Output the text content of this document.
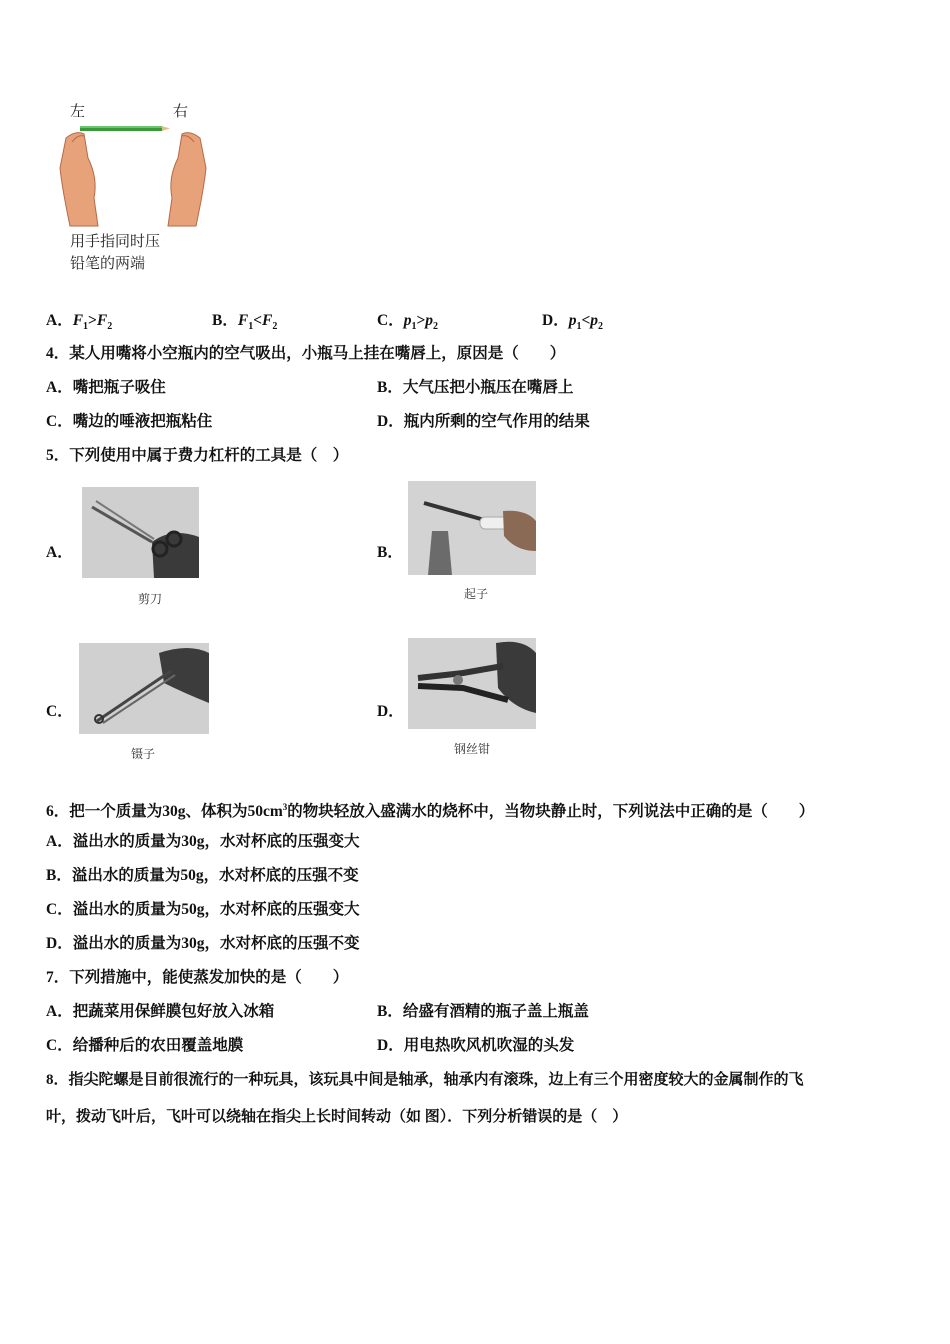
左	右
用手指同时压
铅笔的两端
A．$F_1>F_2$	B．$F_1<F_2$	C．$p_1>p_2$	D．$p_1<p_2$
4．某人用嘴将小空瓶内的空气吸出，小瓶马上挂在嘴唇上，原因是（　　）
A．嘴把瓶子吸住	B．大气压把小瓶压在嘴唇上
C．嘴边的唾液把瓶粘住	D．瓶内所剩的空气作用的结果
5．下列使用中属于费力杠杆的工具是（　）
A．
剪刀
B．
起子
C．
镊子
D．
钢丝钳
6．把一个质量为30g、体积为$50cm^3$的物块轻放入盛满水的烧杯中，当物块静止时，下列说法中正确的是（　　）
A．溢出水的质量为30g，水对杯底的压强变大
B．溢出水的质量为50g，水对杯底的压强不变
C．溢出水的质量为50g，水对杯底的压强变大
D．溢出水的质量为30g，水对杯底的压强不变
7．下列措施中，能使蒸发加快的是（　　）
A．把蔬菜用保鲜膜包好放入冰箱	B．给盛有酒精的瓶子盖上瓶盖
C．给播种后的农田覆盖地膜	D．用电热吹风机吹湿的头发
8．指尖陀螺是目前很流行的一种玩具，该玩具中间是轴承，轴承内有滚珠，边上有三个用密度较大的金属制作的飞
叶，拨动飞叶后，飞叶可以绕轴在指尖上长时间转动（如 图）．下列分析错误的是（　）
